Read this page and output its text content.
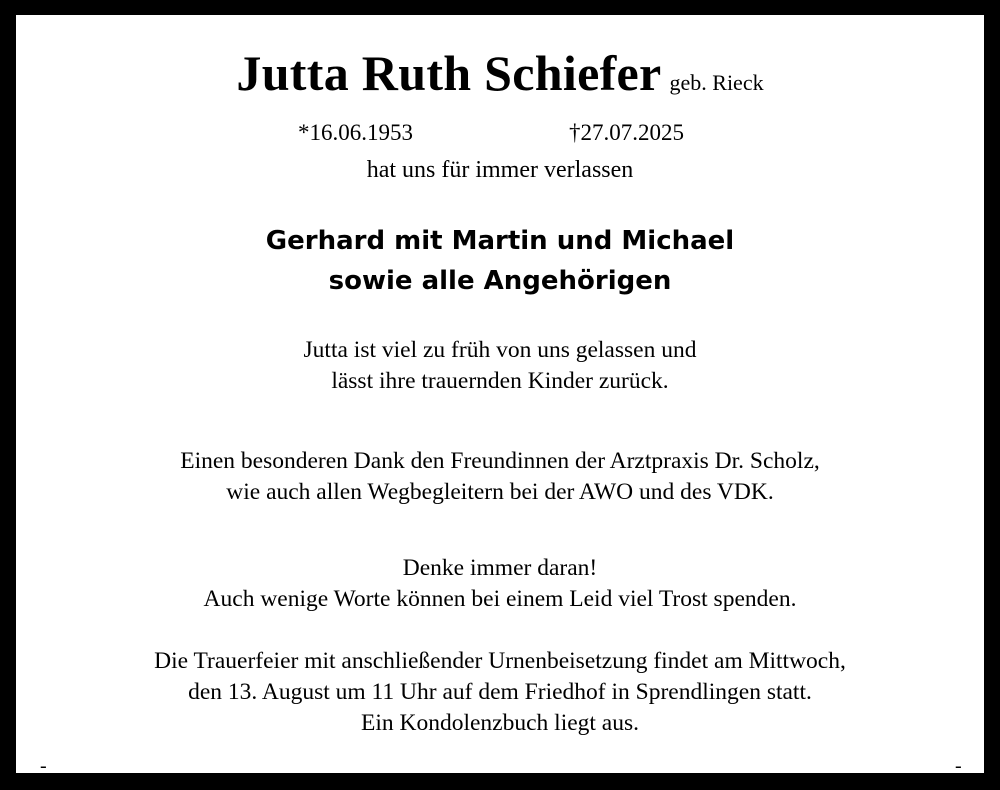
Jutta Ruth Schiefer geb. Rieck
*16.06.1953	†27.07.2025
hat uns für immer verlassen
Gerhard mit Martin und Michael
sowie alle Angehörigen
Jutta ist viel zu früh von uns gelassen und
lässt ihre trauernden Kinder zurück.
Einen besonderen Dank den Freundinnen der Arztpraxis Dr. Scholz,
wie auch allen Wegbegleitern bei der AWO und des VDK.
Denke immer daran!
Auch wenige Worte können bei einem Leid viel Trost spenden.
Die Trauerfeier mit anschließender Urnenbeisetzung findet am Mittwoch,
den 13. August um 11 Uhr auf dem Friedhof in Sprendlingen statt.
Ein Kondolenzbuch liegt aus.
-	-
